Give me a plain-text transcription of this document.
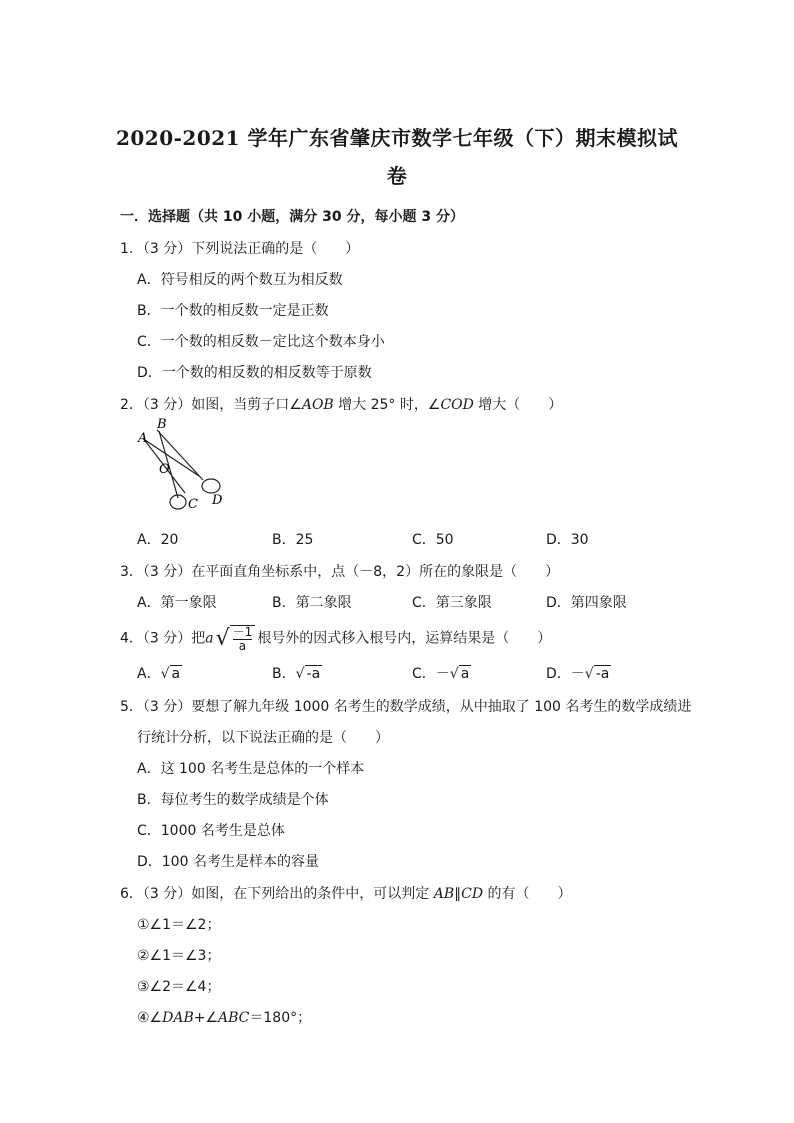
2020-2021 学年广东省肇庆市数学七年级（下）期末模拟试
卷
一．选择题（共 10 小题，满分 30 分，每小题 3 分）
1．（3 分）下列说法正确的是（　　）
A．符号相反的两个数互为相反数
B．一个数的相反数一定是正数
C．一个数的相反数－定比这个数本身小
D．一个数的相反数的相反数等于原数
2．（3 分）如图，当剪子口∠AOB 增大 25° 时，∠COD 增大（　　）
A
B
O
C D
A．20	B．25	C．50	D．30
3．（3 分）在平面直角坐标系中，点（－8，2）所在的象限是（　　）
A．第一象限	B．第二象限	C．第三象限	D．第四象限
4．（3 分）把$a√ \frac{-1}{a}$ 根号外的因式移入根号内，运算结果是（　　）
A．√ a	B．√ -a	C．－√ a	D．－√ -a
5．（3 分）要想了解九年级 1000 名考生的数学成绩，从中抽取了 100 名考生的数学成绩进
行统计分析，以下说法正确的是（　　）
A．这 100 名考生是总体的一个样本
B．每位考生的数学成绩是个体
C．1000 名考生是总体
D．100 名考生是样本的容量
6．（3 分）如图，在下列给出的条件中，可以判定 AB∥CD 的有（　　）
①∠1＝∠2；
②∠1＝∠3；
③∠2＝∠4；
④∠DAB+∠ABC＝180°；
